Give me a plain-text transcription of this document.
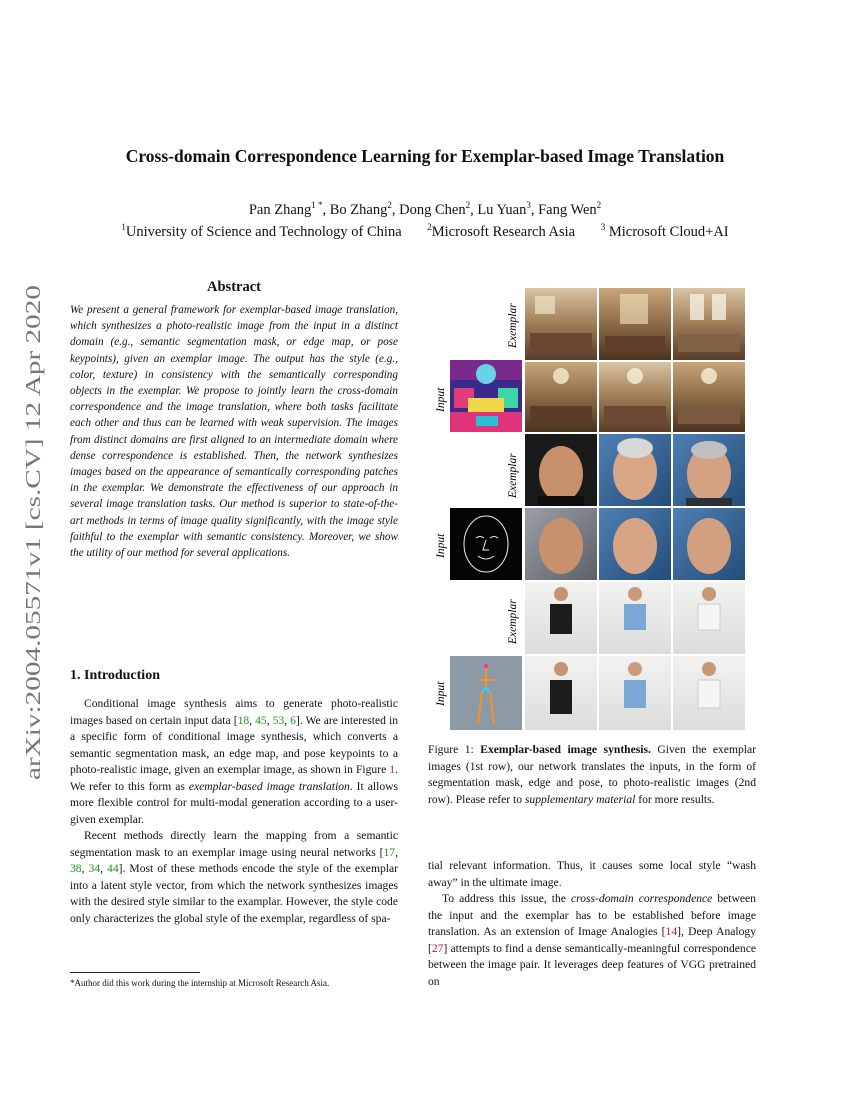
arXiv:2004.05571v1 [cs.CV] 12 Apr 2020
Cross-domain Correspondence Learning for Exemplar-based Image Translation
Pan Zhang$^{1 *}$, Bo Zhang$^2$, Dong Chen$^2$, Lu Yuan$^3$, Fang Wen$^2$
$^1$University of Science and Technology of China	$^2$Microsoft Research Asia	$^3$ Microsoft Cloud+AI
Abstract
We present a general framework for exemplar-based image translation, which synthesizes a photo-realistic image from the input in a distinct domain (e.g., semantic segmentation mask, or edge map, or pose keypoints), given an exemplar image. The output has the style (e.g., color, texture) in consistency with the semantically corresponding objects in the exemplar. We propose to jointly learn the cross-domain correspondence and the image translation, where both tasks facilitate each other and thus can be learned with weak supervision. The images from distinct domains are first aligned to an intermediate domain where dense correspondence is established. Then, the network synthesizes images based on the appearance of semantically corresponding patches in the exemplar. We demonstrate the effectiveness of our approach in several image translation tasks. Our method is superior to state-of-the-art methods in terms of image quality significantly, with the image style faithful to the exemplar with semantic consistency. Moreover, we show the utility of our method for several applications.
1. Introduction

Conditional image synthesis aims to generate photo-realistic images based on certain input data [18, 45, 53, 6]. We are interested in a specific form of conditional image synthesis, which converts a semantic segmentation mask, an edge map, and pose keypoints to a photo-realistic image, given an exemplar image, as shown in Figure 1. We refer to this form as exemplar-based image translation. It allows more flexible control for multi-modal generation according to a user-given exemplar.

Recent methods directly learn the mapping from a semantic segmentation mask to an exemplar image using neural networks [17, 38, 34, 44]. Most of these methods encode the style of the exemplar into a latent style vector, from which the network synthesizes images with the desired style similar to the examplar. However, the style code only characterizes the global style of the exemplar, regardless of spa-

*Author did this work during the internship at Microsoft Research Asia.
Exemplar
Input
Exemplar
Input
Exemplar
Input
Figure 1: Exemplar-based image synthesis. Given the exemplar images (1st row), our network translates the inputs, in the form of segmentation mask, edge and pose, to photo-realistic images (2nd row). Please refer to supplementary material for more results.

tial relevant information. Thus, it causes some local style “wash away” in the ultimate image.

To address this issue, the cross-domain correspondence between the input and the exemplar has to be established before image translation. As an extension of Image Analogies [14], Deep Analogy [27] attempts to find a dense semantically-meaningful correspondence between the image pair. It leverages deep features of VGG pretrained on
